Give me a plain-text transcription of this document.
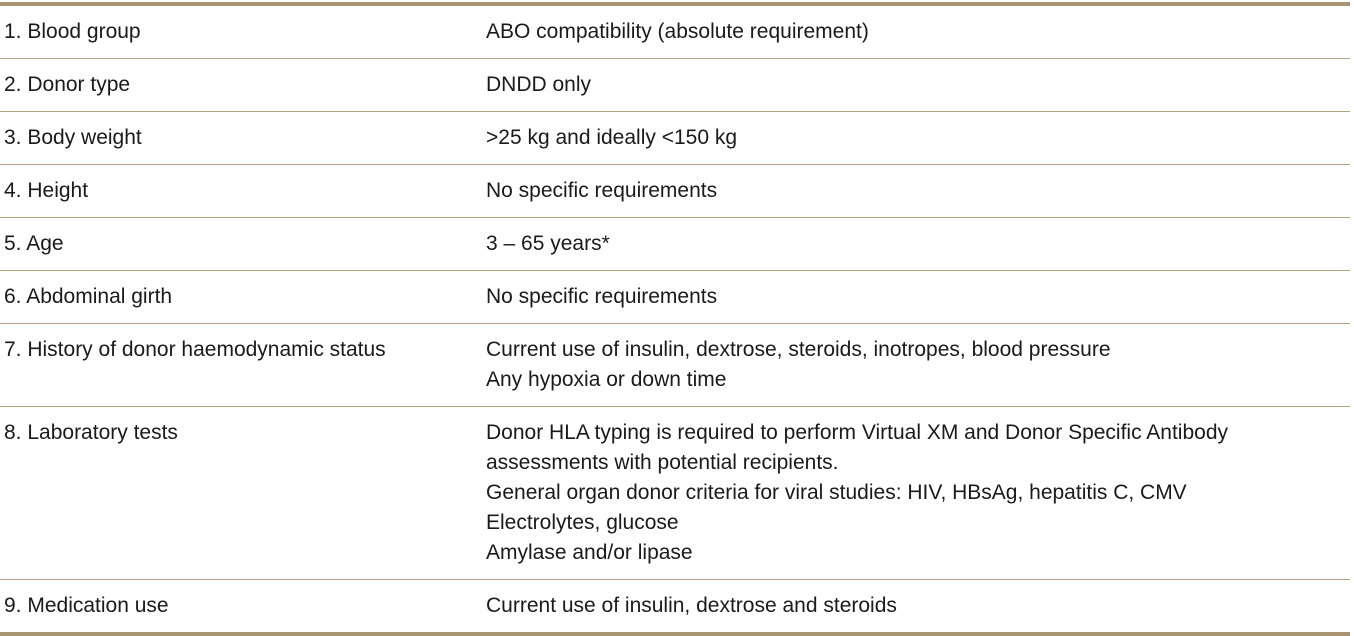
1. Blood group	ABO compatibility (absolute requirement)
2. Donor type	DNDD only
3. Body weight	>25 kg and ideally <150 kg
4. Height	No specific requirements
5. Age	3 – 65 years*
6. Abdominal girth	No specific requirements
7. History of donor haemodynamic status	Current use of insulin, dextrose, steroids, inotropes, blood pressure
Any hypoxia or down time
8. Laboratory tests	Donor HLA typing is required to perform Virtual XM and Donor Specific Antibody
assessments with potential recipients.
General organ donor criteria for viral studies: HIV, HBsAg, hepatitis C, CMV
Electrolytes, glucose
Amylase and/or lipase
9. Medication use	Current use of insulin, dextrose and steroids
